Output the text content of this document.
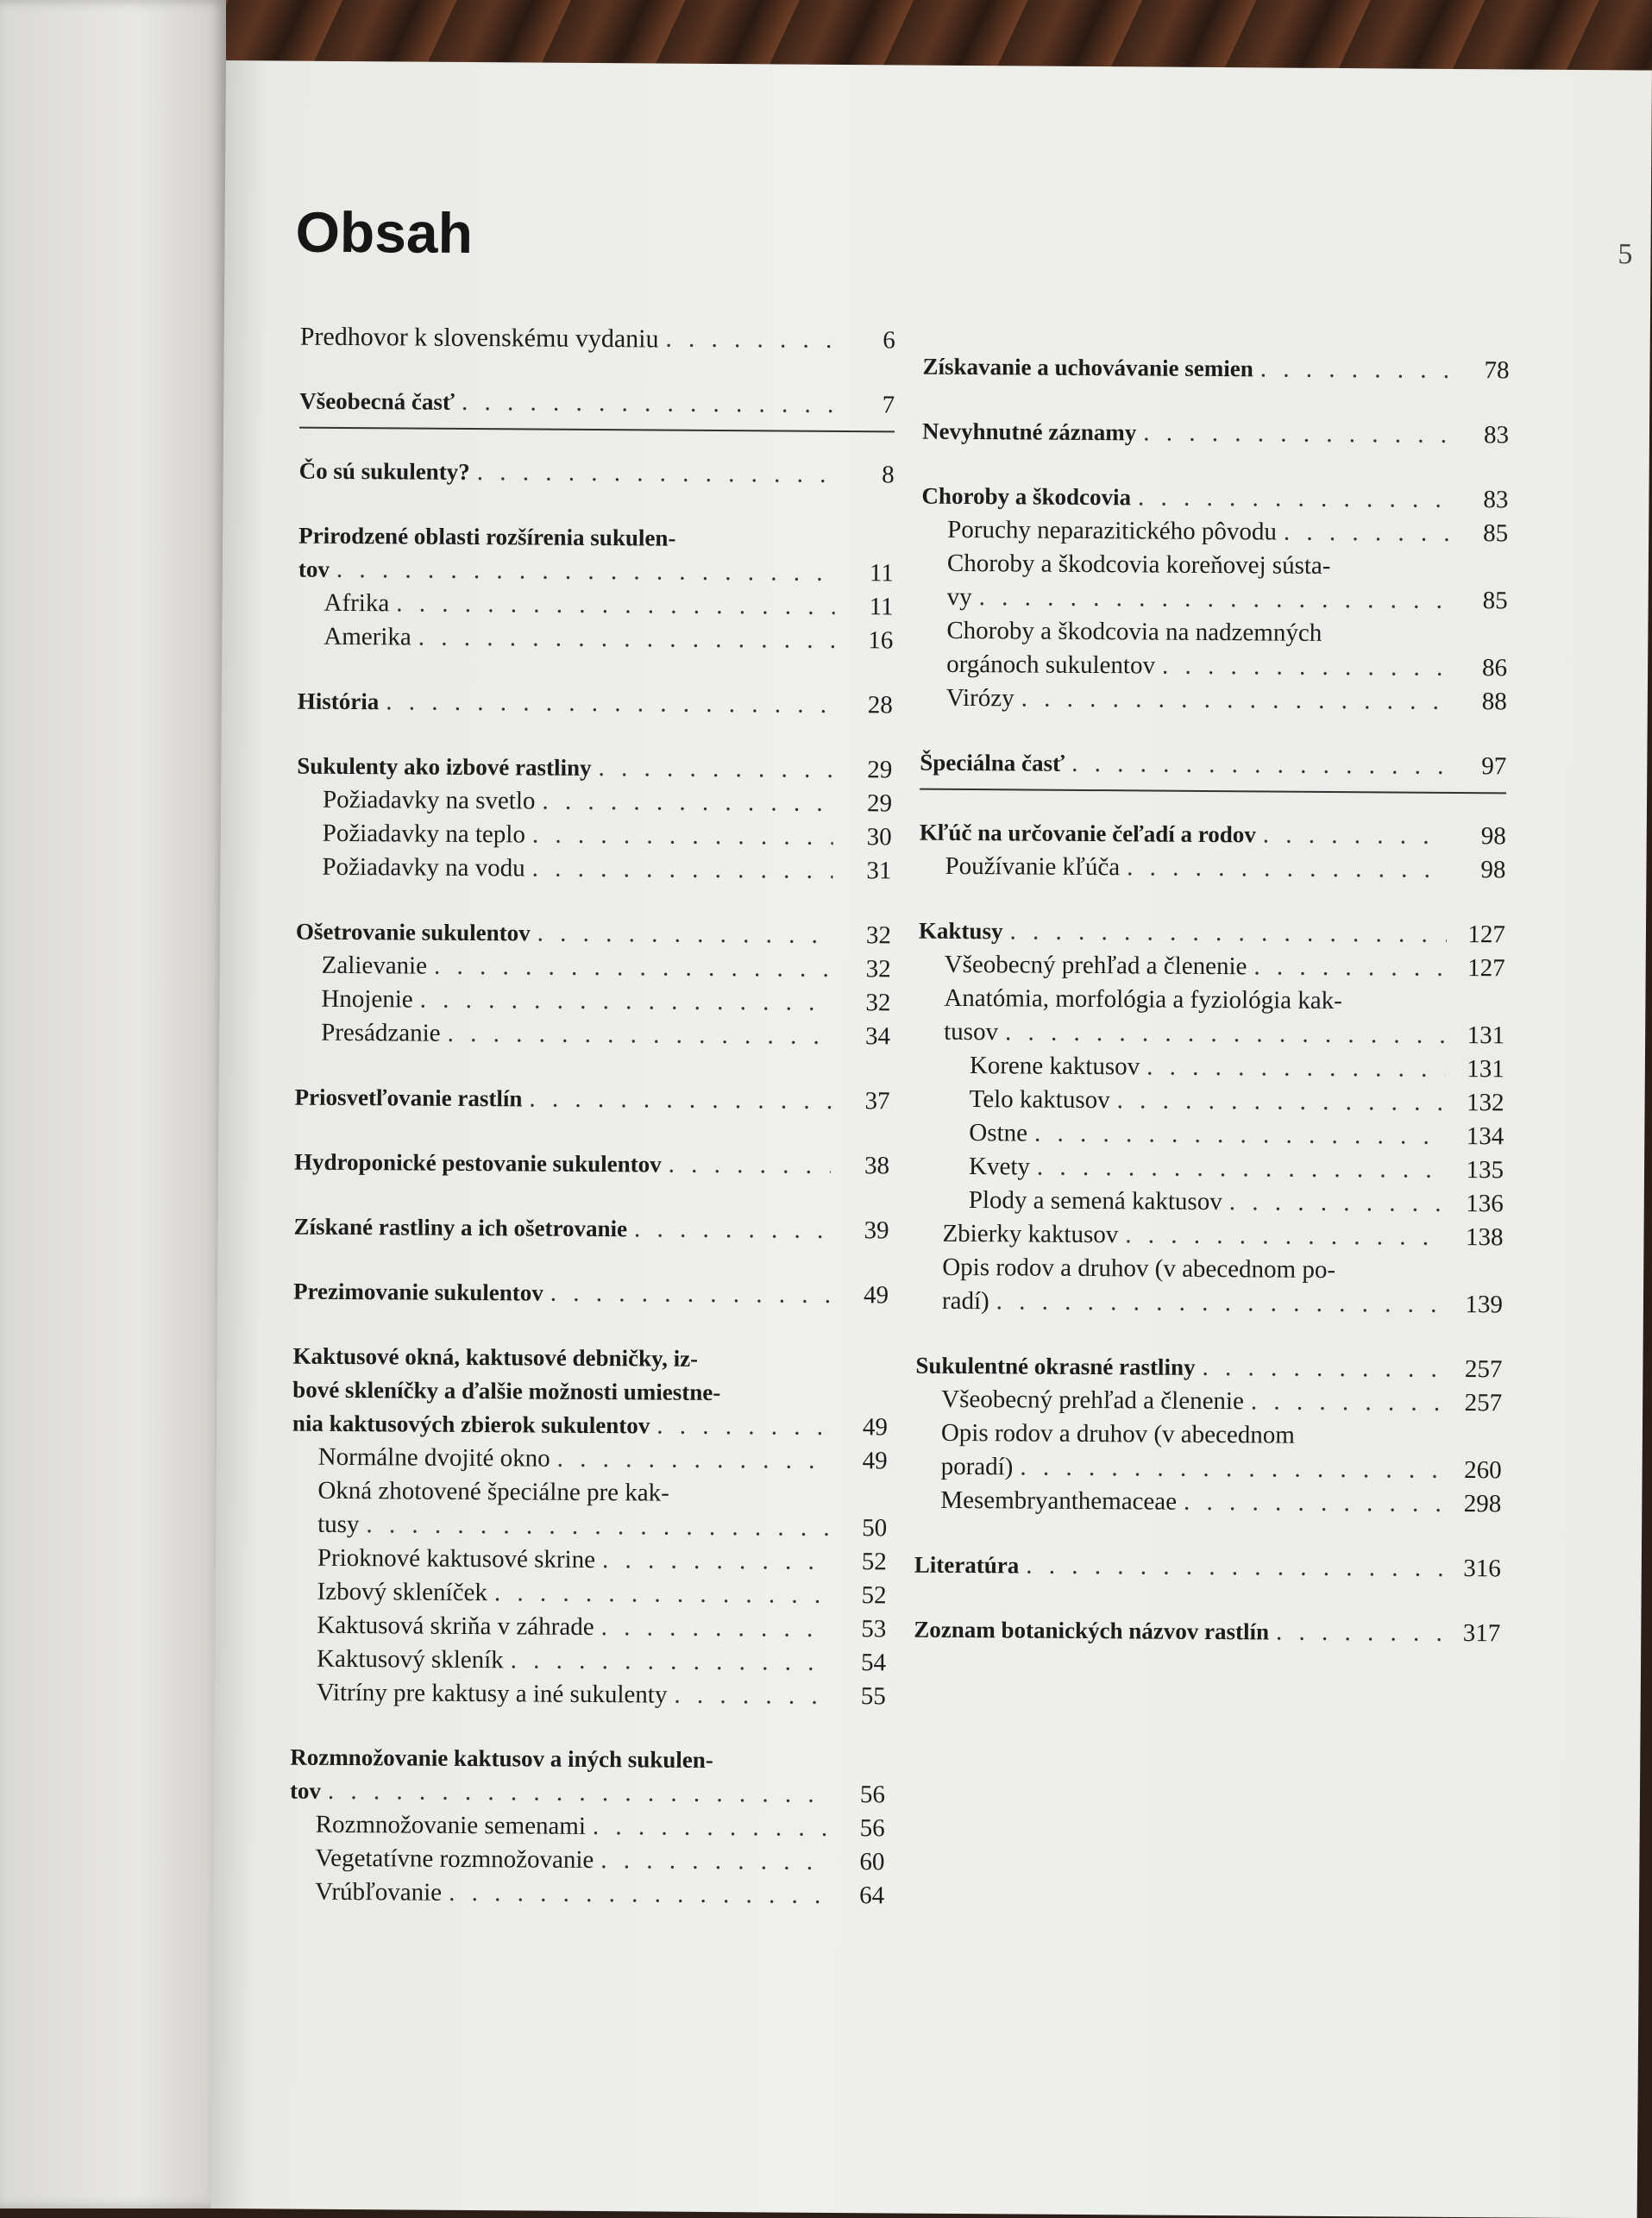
5
Obsah
Predhovor k slovenskému vydaniu . . .	6
Všeobecná časť . . .	7
Čo sú sukulenty? . . .	8
Prirodzené oblasti rozšírenia sukulen-
tov . . .	11
Afrika . . .	11
Amerika . . .	16
História . . .	28
Sukulenty ako izbové rastliny . . .	29
Požiadavky na svetlo . . .	29
Požiadavky na teplo . . .	30
Požiadavky na vodu . . .	31
Ošetrovanie sukulentov . . .	32
Zalievanie . . .	32
Hnojenie . . .	32
Presádzanie . . .	34
Priosvetľovanie rastlín . . .	37
Hydroponické pestovanie sukulentov . . .	38
Získané rastliny a ich ošetrovanie . . .	39
Prezimovanie sukulentov . . .	49
Kaktusové okná, kaktusové debničky, iz-
bové skleníčky a ďalšie možnosti umiestne-
nia kaktusových zbierok sukulentov . . .	49
Normálne dvojité okno . . .	49
Okná zhotovené špeciálne pre kak-
tusy . . .	50
Prioknové kaktusové skrine . . .	52
Izbový skleníček . . .	52
Kaktusová skriňa v záhrade . . .	53
Kaktusový skleník . . .	54
Vitríny pre kaktusy a iné sukulenty . . .	55
Rozmnožovanie kaktusov a iných sukulen-
tov . . .	56
Rozmnožovanie semenami . . .	56
Vegetatívne rozmnožovanie . . .	60
Vrúbľovanie . . .	64
Získavanie a uchovávanie semien . . .	78
Nevyhnutné záznamy . . .	83
Choroby a škodcovia . . .	83
Poruchy neparazitického pôvodu . . .	85
Choroby a škodcovia koreňovej sústa-
vy . . .	85
Choroby a škodcovia na nadzemných
orgánoch sukulentov . . .	86
Virózy . . .	88
Špeciálna časť . . .	97
Kľúč na určovanie čeľadí a rodov . . .	98
Používanie kľúča . . .	98
Kaktusy . . .	127
Všeobecný prehľad a členenie . . .	127
Anatómia, morfológia a fyziológia kak-
tusov . . .	131
Korene kaktusov . . .	131
Telo kaktusov . . .	132
Ostne . . .	134
Kvety . . .	135
Plody a semená kaktusov . . .	136
Zbierky kaktusov . . .	138
Opis rodov a druhov (v abecednom po-
radí) . . .	139
Sukulentné okrasné rastliny . . .	257
Všeobecný prehľad a členenie . . .	257
Opis rodov a druhov (v abecednom
poradí) . . .	260
Mesembryanthemaceae . . .	298
Literatúra . . .	316
Zoznam botanických názvov rastlín . . .	317
